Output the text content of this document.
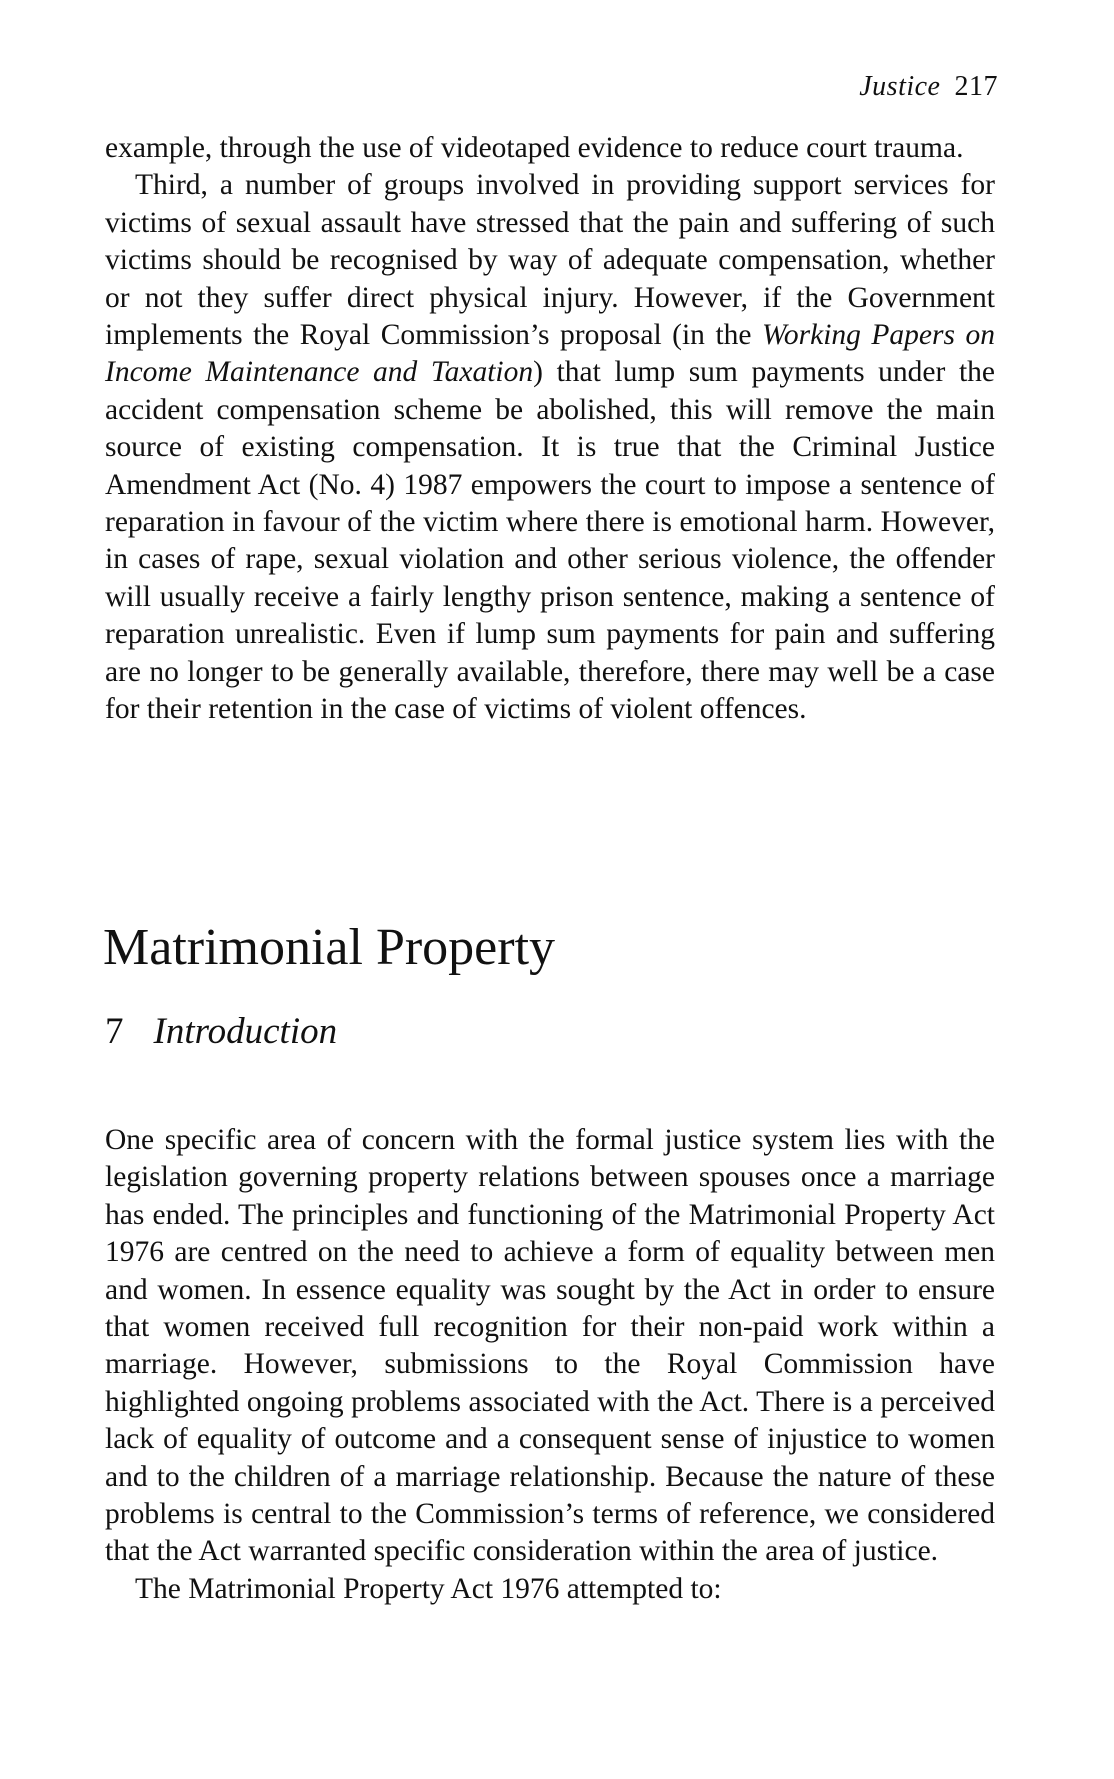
Justice 217

example, through the use of videotaped evidence to reduce court trauma.

Third, a number of groups involved in providing support services for victims of sexual assault have stressed that the pain and suffering of such victims should be recognised by way of adequate compensation, whether or not they suffer direct physical injury. However, if the Government implements the Royal Commission’s proposal (in the Working Papers on Income Maintenance and Taxation) that lump sum payments under the accident compensation scheme be abolished, this will remove the main source of existing compensation. It is true that the Criminal Justice Amendment Act (No. 4) 1987 empowers the court to impose a sentence of reparation in favour of the victim where there is emotional harm. However, in cases of rape, sexual violation and other serious violence, the offender will usually receive a fairly lengthy prison sentence, making a sentence of reparation unrealistic. Even if lump sum payments for pain and suffering are no longer to be generally available, therefore, there may well be a case for their retention in the case of victims of violent offences.

Matrimonial Property
7 Introduction

One specific area of concern with the formal justice system lies with the legislation governing property relations between spouses once a marriage has ended. The principles and functioning of the Matrimonial Property Act 1976 are centred on the need to achieve a form of equality between men and women. In essence equality was sought by the Act in order to ensure that women received full recognition for their non-paid work within a marriage. However, submissions to the Royal Commission have highlighted ongoing problems associated with the Act. There is a perceived lack of equality of outcome and a consequent sense of injustice to women and to the children of a marriage relationship. Because the nature of these problems is central to the Commission’s terms of reference, we considered that the Act warranted specific consideration within the area of justice.

The Matrimonial Property Act 1976 attempted to:
